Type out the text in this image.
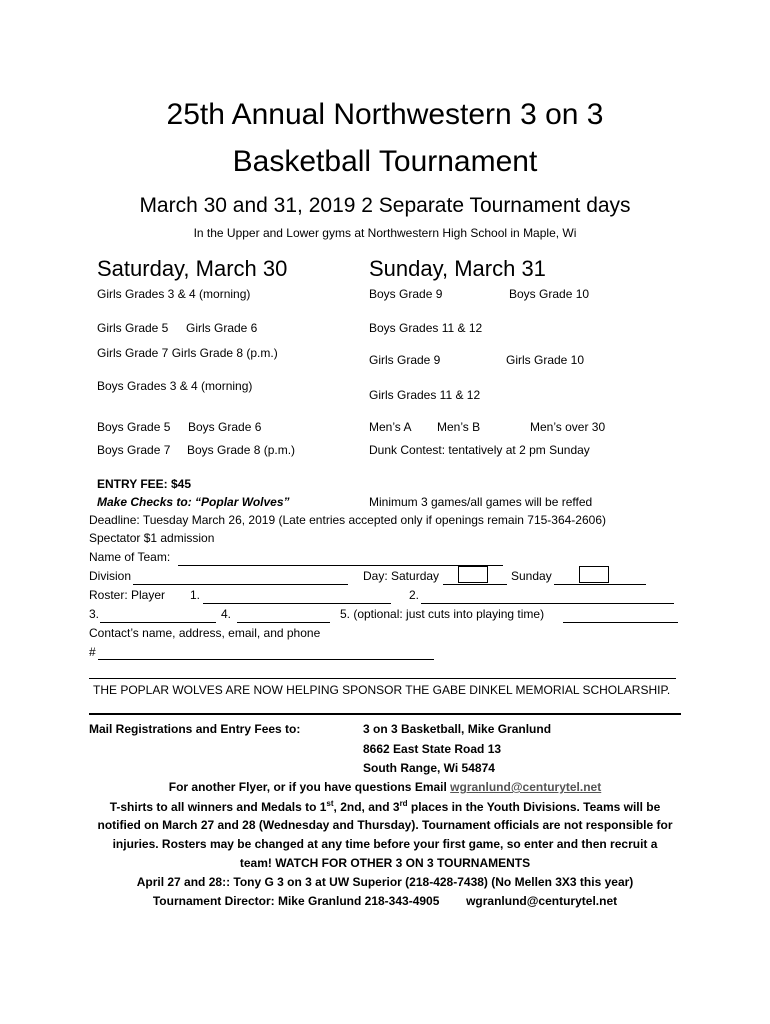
25th Annual Northwestern 3 on 3
Basketball Tournament
March 30 and 31, 2019 2 Separate Tournament days
In the Upper and Lower gyms at Northwestern High School in Maple, Wi
Saturday, March 30
Girls Grades 3 & 4 (morning)
Girls Grade 5 Girls Grade 6
Girls Grade 7 Girls Grade 8 (p.m.)
Boys Grades 3 & 4 (morning)
Boys Grade 5 Boys Grade 6
Boys Grade 7 Boys Grade 8 (p.m.)
Sunday, March 31
Boys Grade 9	Boys Grade 10
Boys Grades 11 & 12
Girls Grade 9	Girls Grade 10
Girls Grades 11 & 12
Men’s A Men’s B	Men’s over 30
Dunk Contest: tentatively at 2 pm Sunday
ENTRY FEE: $45
Make Checks to: “Poplar Wolves”	Minimum 3 games/all games will be reffed
Deadline: Tuesday March 26, 2019 (Late entries accepted only if openings remain 715-364-2606)
Spectator $1 admission
Name of Team:
Division	Day: Saturday	Sunday
Roster: Player 1.	2.
3.	4.	5. (optional: just cuts into playing time)
Contact’s name, address, email, and phone
#
THE POPLAR WOLVES ARE NOW HELPING SPONSOR THE GABE DINKEL MEMORIAL SCHOLARSHIP.
Mail Registrations and Entry Fees to:	3 on 3 Basketball, Mike Granlund
8662 East State Road 13
South Range, Wi 54874
For another Flyer, or if you have questions Email wgranlund@centurytel.net
T-shirts to all winners and Medals to 1st, 2nd, and 3rd places in the Youth Divisions. Teams will be
notified on March 27 and 28 (Wednesday and Thursday). Tournament officials are not responsible for
injuries. Rosters may be changed at any time before your first game, so enter and then recruit a
team! WATCH FOR OTHER 3 ON 3 TOURNAMENTS
April 27 and 28:: Tony G 3 on 3 at UW Superior (218-428-7438) (No Mellen 3X3 this year)
Tournament Director: Mike Granlund 218-343-4905 wgranlund@centurytel.net
